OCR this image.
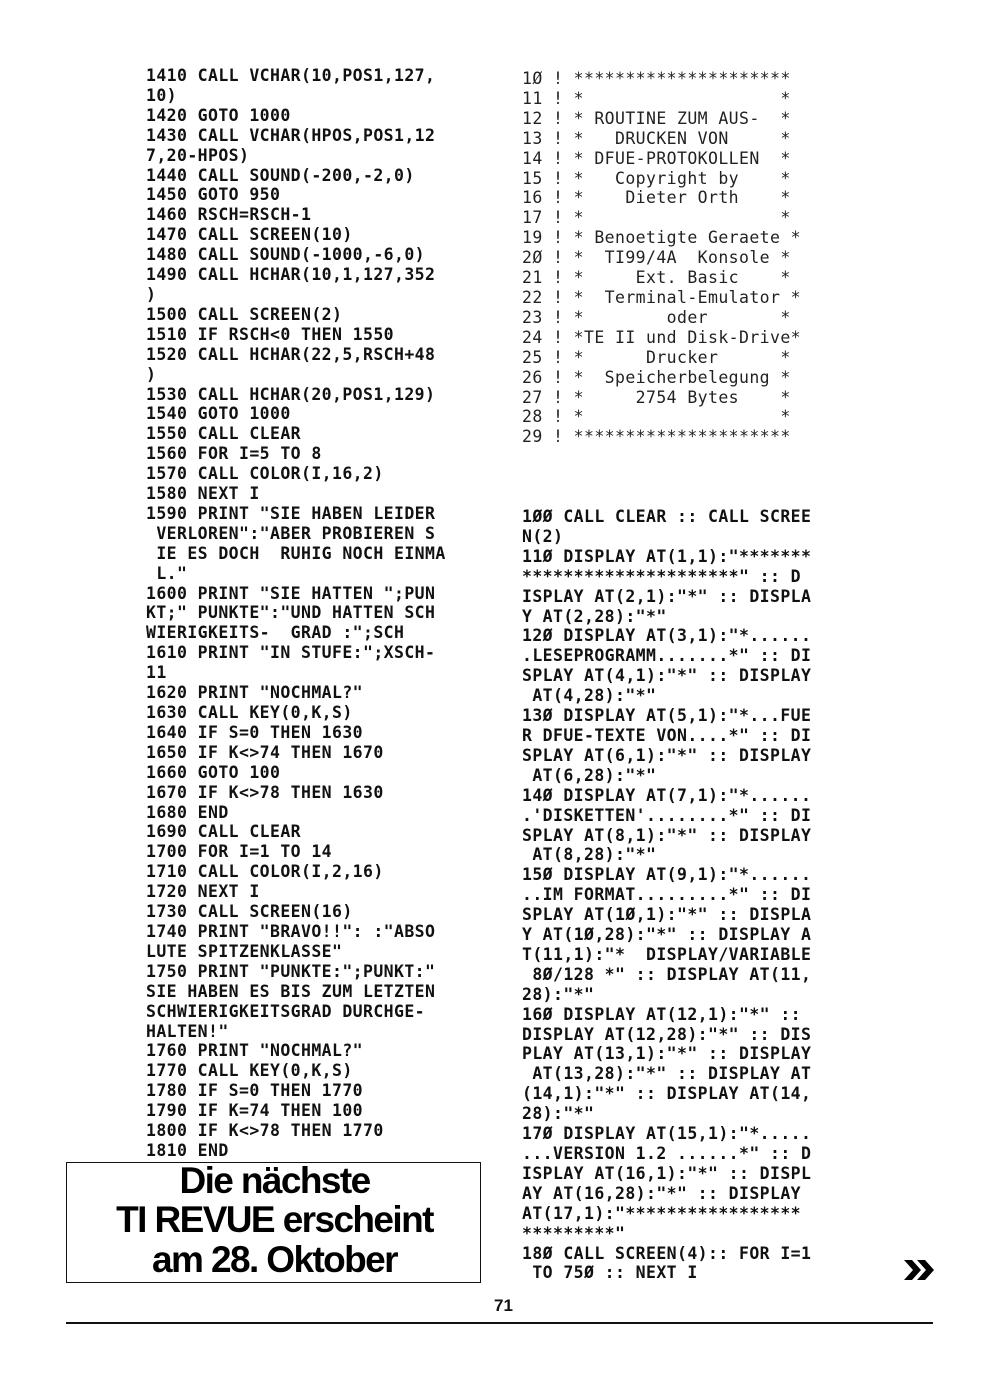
1410 CALL VCHAR(10,POS1,127,
10)
1420 GOTO 1000
1430 CALL VCHAR(HPOS,POS1,12
7,20-HPOS)
1440 CALL SOUND(-200,-2,0)
1450 GOTO 950
1460 RSCH=RSCH-1
1470 CALL SCREEN(10)
1480 CALL SOUND(-1000,-6,0)
1490 CALL HCHAR(10,1,127,352
)
1500 CALL SCREEN(2)
1510 IF RSCH<0 THEN 1550
1520 CALL HCHAR(22,5,RSCH+48
)
1530 CALL HCHAR(20,POS1,129)
1540 GOTO 1000
1550 CALL CLEAR
1560 FOR I=5 TO 8
1570 CALL COLOR(I,16,2)
1580 NEXT I
1590 PRINT "SIE HABEN LEIDER
VERLOREN":"ABER PROBIEREN S
IE ES DOCH  RUHIG NOCH EINMA
L."
1600 PRINT "SIE HATTEN ";PUN
KT;" PUNKTE":"UND HATTEN SCH
WIERIGKEITS-  GRAD :";SCH
1610 PRINT "IN STUFE:";XSCH-
11
1620 PRINT "NOCHMAL?"
1630 CALL KEY(0,K,S)
1640 IF S=0 THEN 1630
1650 IF K<>74 THEN 1670
1660 GOTO 100
1670 IF K<>78 THEN 1630
1680 END
1690 CALL CLEAR
1700 FOR I=1 TO 14
1710 CALL COLOR(I,2,16)
1720 NEXT I
1730 CALL SCREEN(16)
1740 PRINT "BRAVO!!": :"ABSO
LUTE SPITZENKLASSE"
1750 PRINT "PUNKTE:";PUNKT:"
SIE HABEN ES BIS ZUM LETZTEN
SCHWIERIGKEITSGRAD DURCHGE-
HALTEN!"
1760 PRINT "NOCHMAL?"
1770 CALL KEY(0,K,S)
1780 IF S=0 THEN 1770
1790 IF K=74 THEN 100
1800 IF K<>78 THEN 1770
1810 END
1Ø ! *********************
11 ! *                   *
12 ! * ROUTINE ZUM AUS-  *
13 ! *   DRUCKEN VON     *
14 ! * DFUE-PROTOKOLLEN  *
15 ! *   Copyright by    *
16 ! *    Dieter Orth    *
17 ! *                   *
19 ! * Benoetigte Geraete *
2Ø ! *  TI99/4A  Konsole *
21 ! *     Ext. Basic    *
22 ! *  Terminal-Emulator *
23 ! *        oder       *
24 ! *TE II und Disk-Drive*
25 ! *      Drucker      *
26 ! *  Speicherbelegung *
27 ! *     2754 Bytes    *
28 ! *                   *
29 ! *********************
1ØØ CALL CLEAR :: CALL SCREE
N(2)
11Ø DISPLAY AT(1,1):"*******
*********************" :: D
ISPLAY AT(2,1):"*" :: DISPLA
Y AT(2,28):"*"
12Ø DISPLAY AT(3,1):"*......
.LESEPROGRAMM.......*" :: DI
SPLAY AT(4,1):"*" :: DISPLAY
AT(4,28):"*"
13Ø DISPLAY AT(5,1):"*...FUE
R DFUE-TEXTE VON....*" :: DI
SPLAY AT(6,1):"*" :: DISPLAY
AT(6,28):"*"
14Ø DISPLAY AT(7,1):"*......
.'DISKETTEN'........*" :: DI
SPLAY AT(8,1):"*" :: DISPLAY
AT(8,28):"*"
15Ø DISPLAY AT(9,1):"*......
..IM FORMAT.........*" :: DI
SPLAY AT(1Ø,1):"*" :: DISPLA
Y AT(1Ø,28):"*" :: DISPLAY A
T(11,1):"*  DISPLAY/VARIABLE
8Ø/128 *" :: DISPLAY AT(11,
28):"*"
16Ø DISPLAY AT(12,1):"*" ::
DISPLAY AT(12,28):"*" :: DIS
PLAY AT(13,1):"*" :: DISPLAY
AT(13,28):"*" :: DISPLAY AT
(14,1):"*" :: DISPLAY AT(14,
28):"*"
17Ø DISPLAY AT(15,1):"*.....
...VERSION 1.2 ......*" :: D
ISPLAY AT(16,1):"*" :: DISPL
AY AT(16,28):"*" :: DISPLAY
AT(17,1):"*****************
*********"
18Ø CALL SCREEN(4):: FOR I=1
TO 75Ø :: NEXT I
Die nächste
TI REVUE erscheint
am 28. Oktober
71
